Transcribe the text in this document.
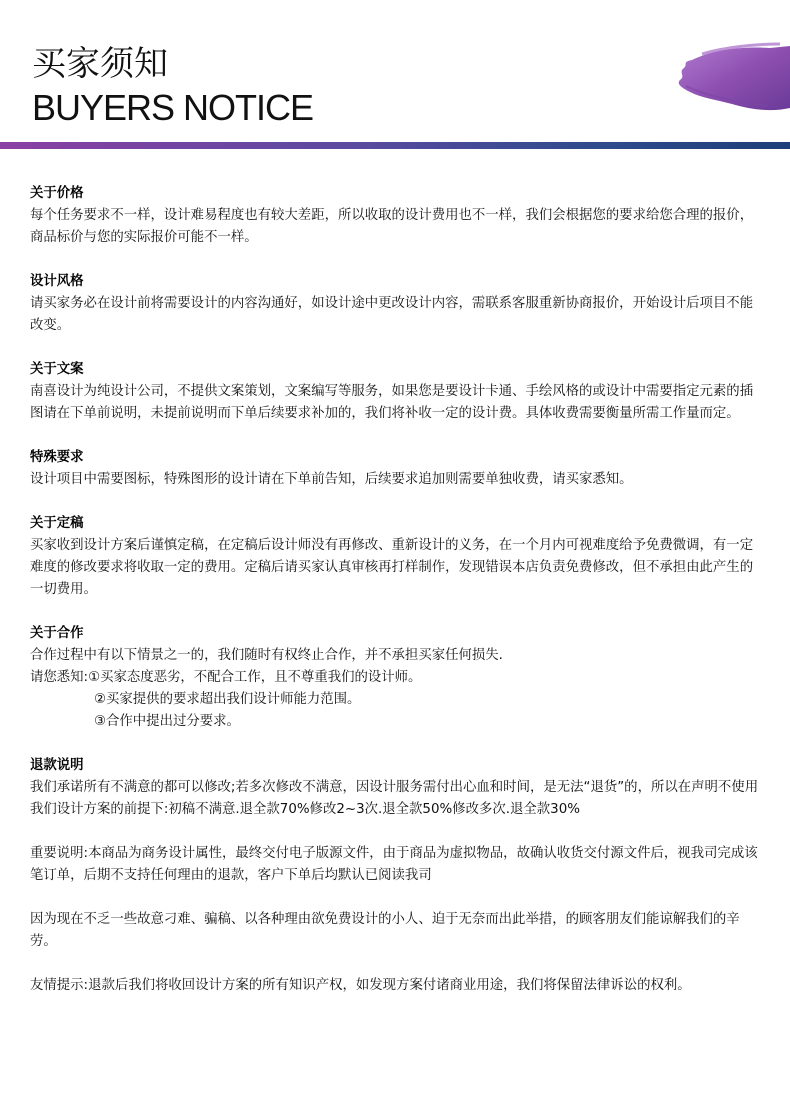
买家须知
BUYERS NOTICE
关于价格

每个任务要求不一样，设计难易程度也有较大差距，所以收取的设计费用也不一样，我们会根据您的要求给您合理的报价，商品标价与您的实际报价可能不一样。

设计风格

请买家务必在设计前将需要设计的内容沟通好，如设计途中更改设计内容，需联系客服重新协商报价，开始设计后项目不能改变。

关于文案

南喜设计为纯设计公司，不提供文案策划，文案编写等服务，如果您是要设计卡通、手绘风格的或设计中需要指定元素的插图请在下单前说明，未提前说明而下单后续要求补加的，我们将补收一定的设计费。具体收费需要衡量所需工作量而定。

特殊要求

设计项目中需要图标，特殊图形的设计请在下单前告知，后续要求追加则需要单独收费，请买家悉知。

关于定稿

买家收到设计方案后谨慎定稿，在定稿后设计师没有再修改、重新设计的义务，在一个月内可视难度给予免费微调，有一定难度的修改要求将收取一定的费用。定稿后请买家认真审核再打样制作，发现错误本店负责免费修改，但不承担由此产生的一切费用。

关于合作

合作过程中有以下情景之一的，我们随时有权终止合作，并不承担买家任何损失.

请您悉知:①买家态度恶劣，不配合工作，且不尊重我们的设计师。

②买家提供的要求超出我们设计师能力范围。

③合作中提出过分要求。

退款说明

我们承诺所有不满意的都可以修改;若多次修改不满意，因设计服务需付出心血和时间，是无法“退货”的，所以在声明不使用我们设计方案的前提下:初稿不满意.退全款70%修改2~3次.退全款50%修改多次.退全款30%

重要说明:本商品为商务设计属性，最终交付电子版源文件，由于商品为虚拟物品，故确认收货交付源文件后，视我司完成该笔订单，后期不支持任何理由的退款，客户下单后均默认已阅读我司

因为现在不乏一些故意刁难、骗稿、以各种理由欲免费设计的小人、迫于无奈而出此举措，的顾客朋友们能谅解我们的辛劳。

友情提示:退款后我们将收回设计方案的所有知识产权，如发现方案付诸商业用途，我们将保留法律诉讼的权利。
